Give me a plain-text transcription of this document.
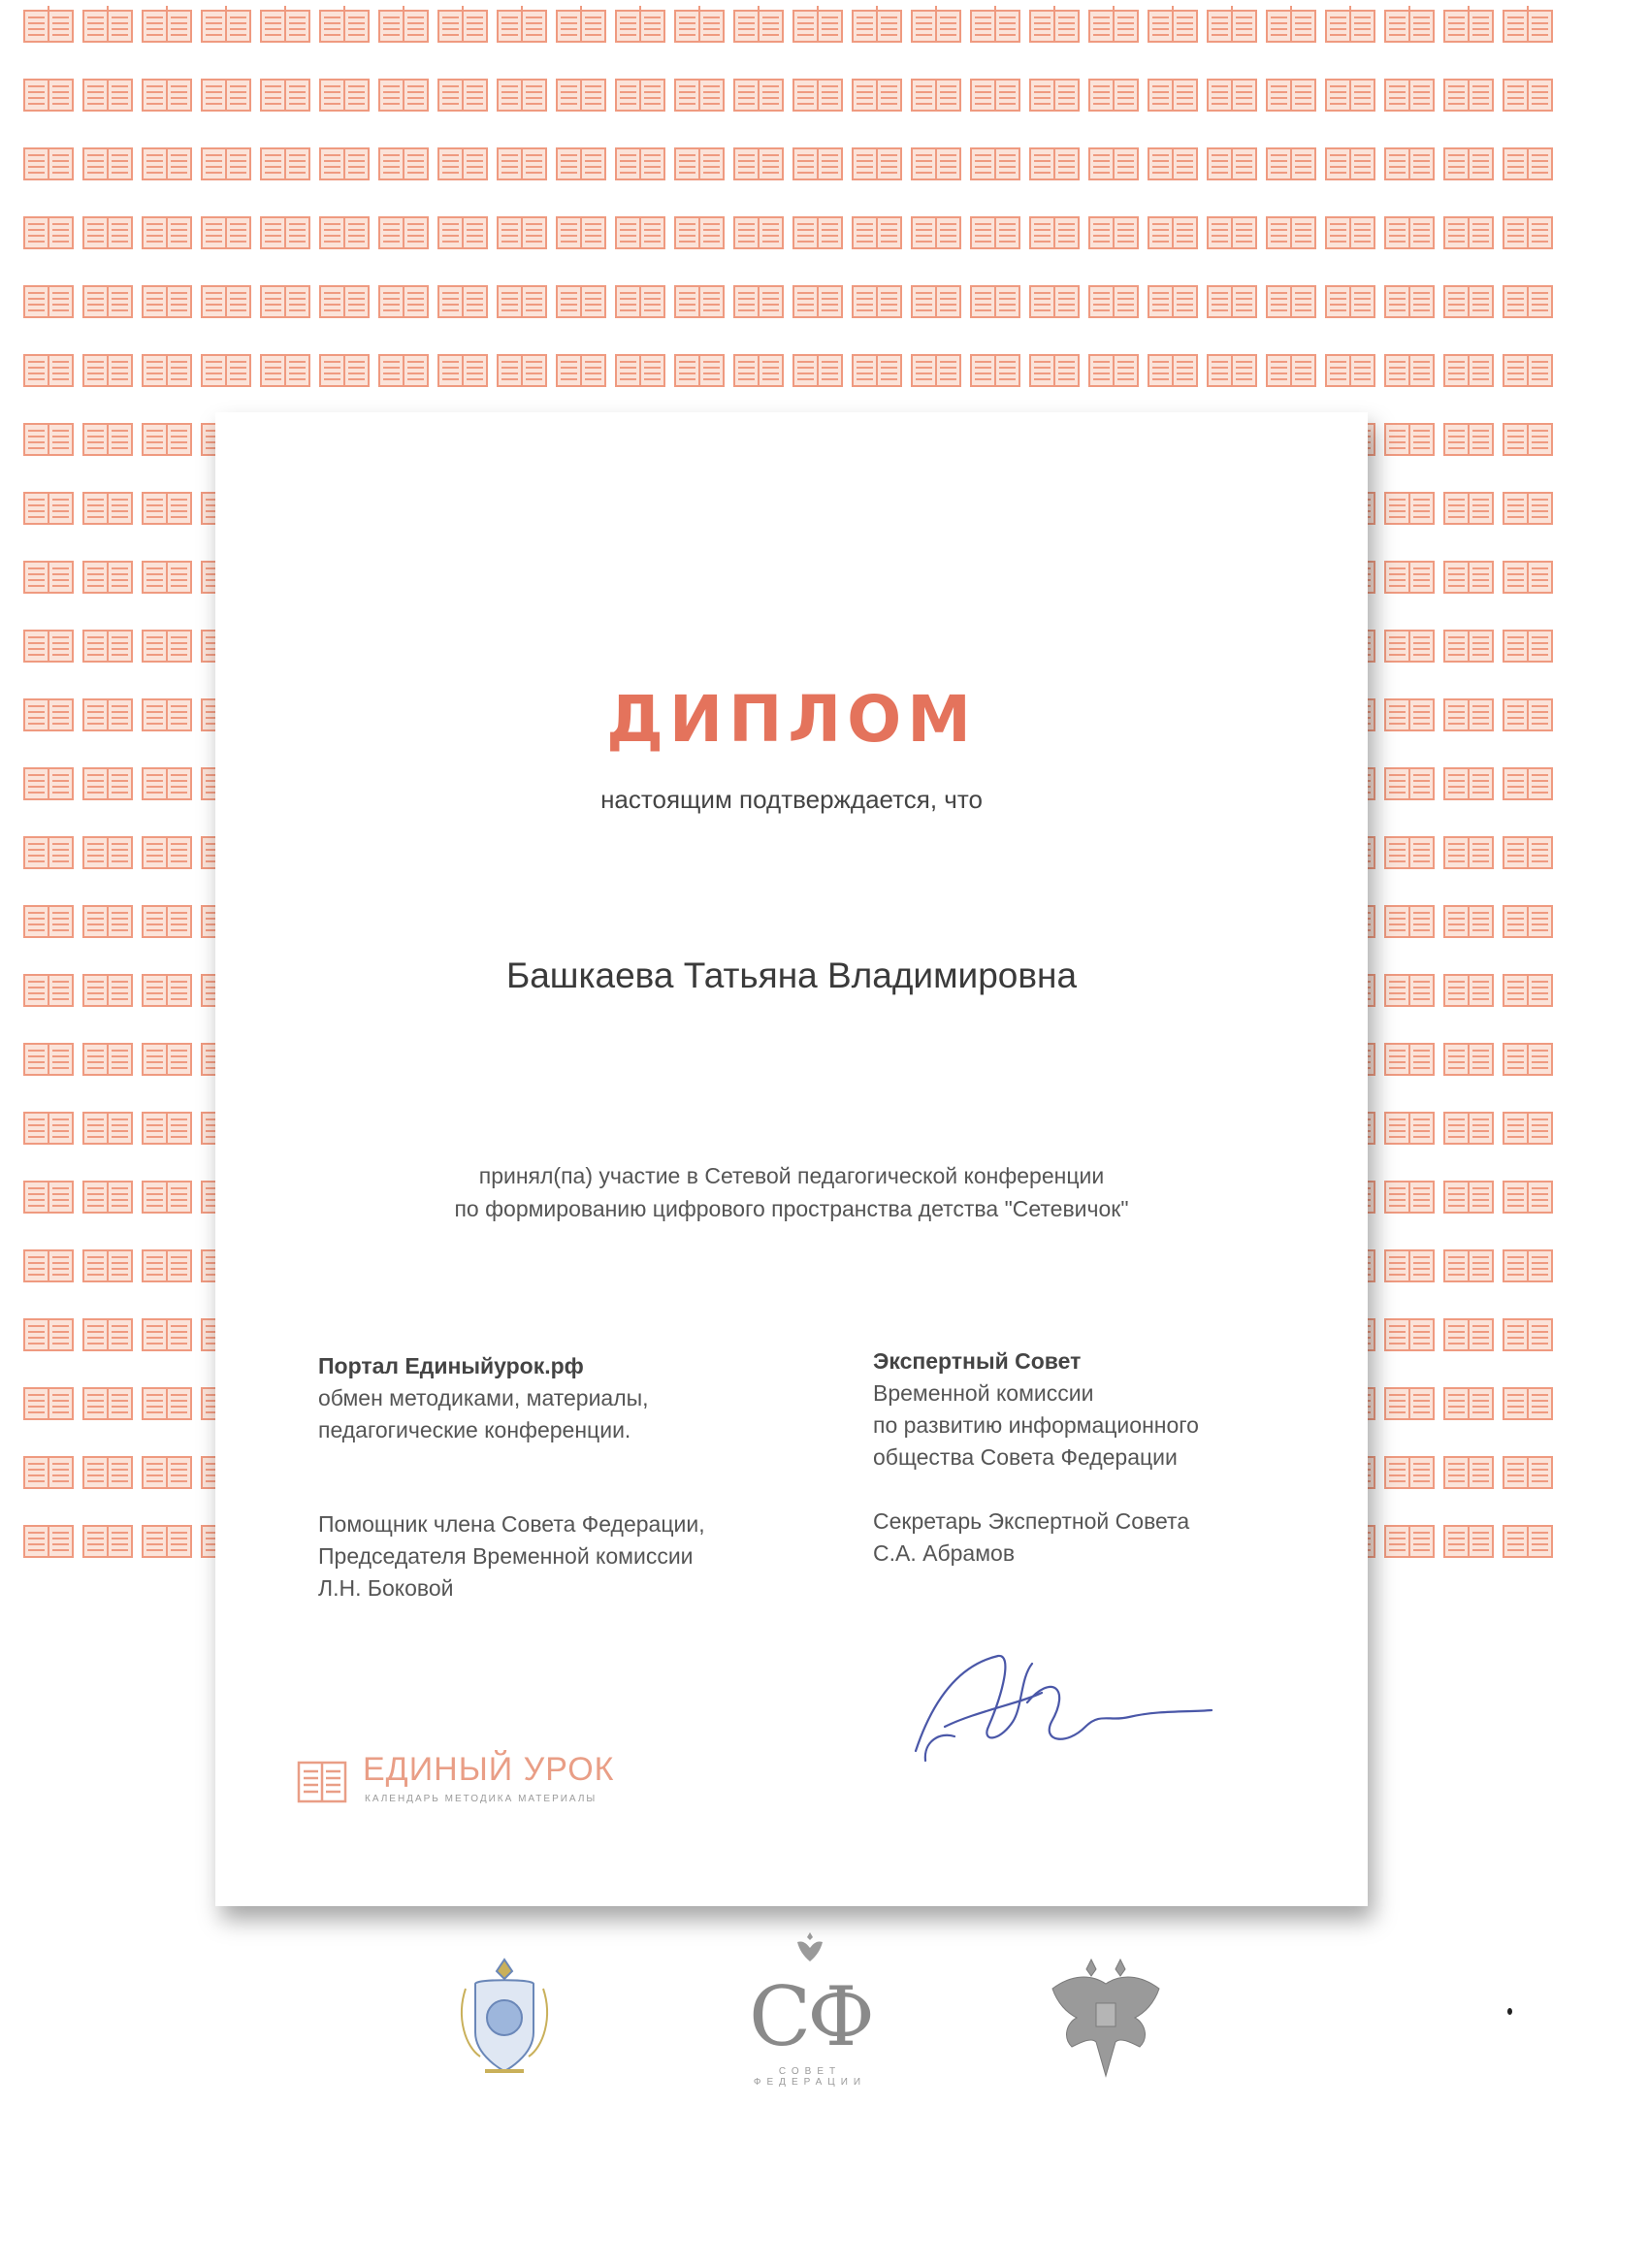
ДИПЛОМ
настоящим подтверждается, что
Башкаева Татьяна Владимировна
принял(па) участие в Сетевой педагогической конференции
по формированию цифрового пространства детства "Сетевичок"
Портал Единыйурок.рф
обмен методиками, материалы,
педагогические конференции.
Экспертный Совет
Временной комиссии
по развитию информационного
общества Совета Федерации
Помощник члена Совета Федерации,
Председателя Временной комиссии
Л.Н. Боковой
Секретарь Экспертной Совета
С.А. Абрамов
ЕДИНЫЙ УРОК
КАЛЕНДАРЬ МЕТОДИКА МАТЕРИАЛЫ
СФ
СОВЕТ ФЕДЕРАЦИИ
